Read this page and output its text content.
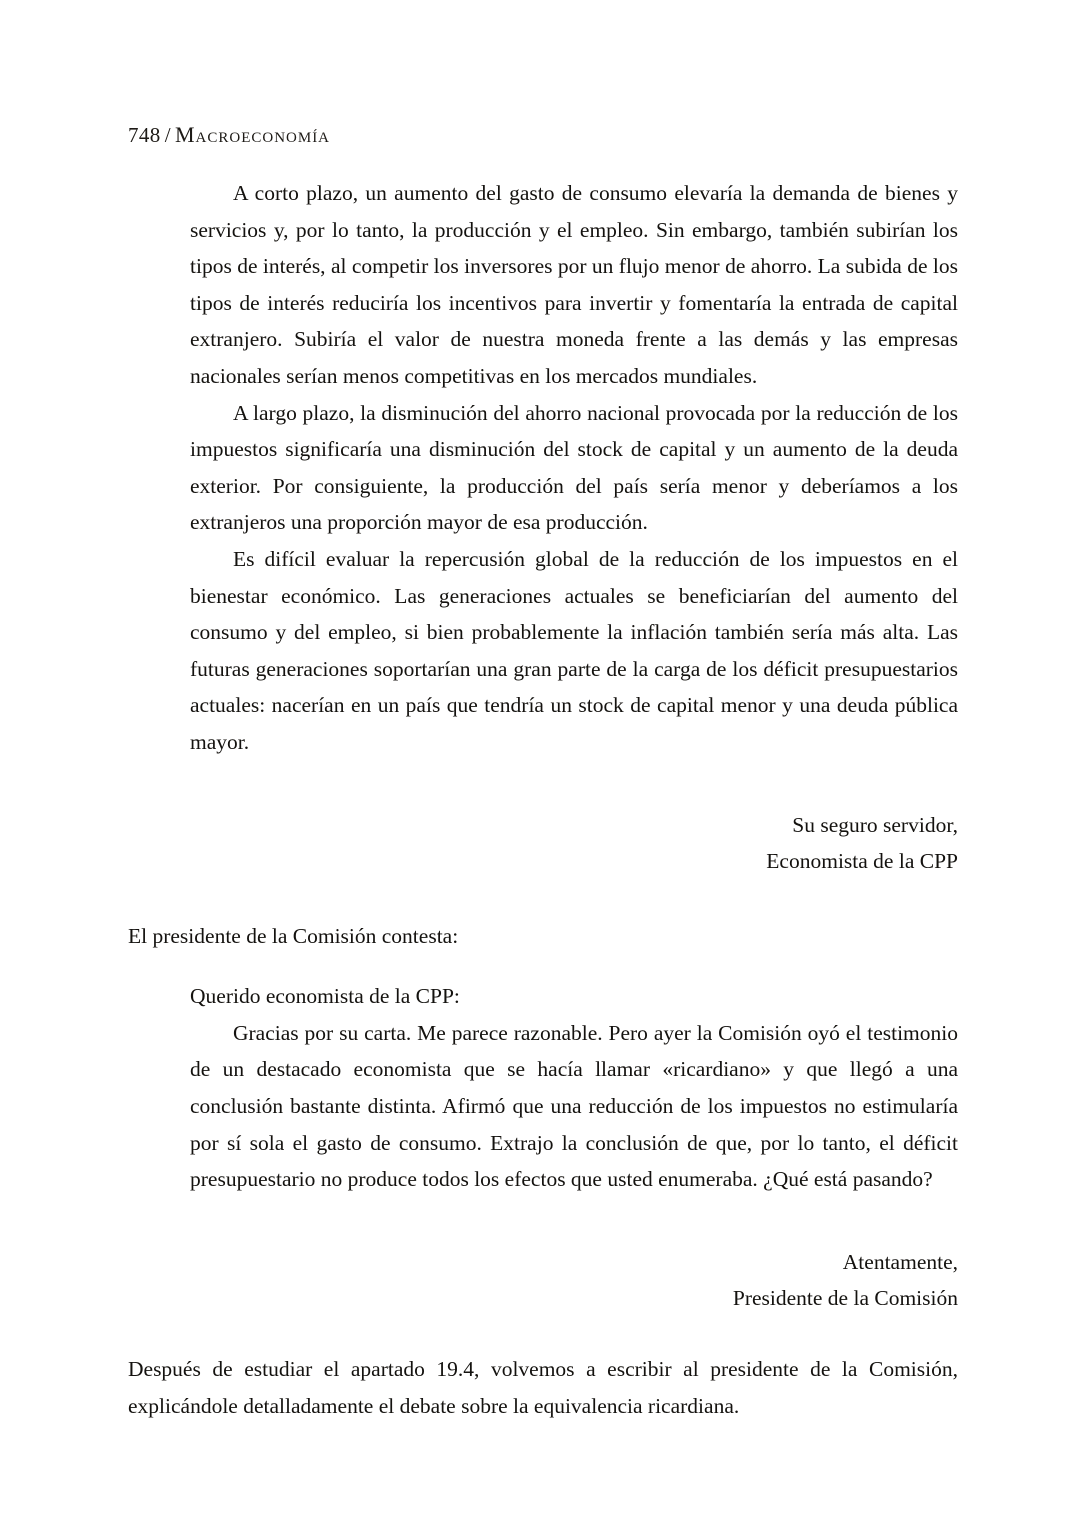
748 / Macroeconomía

A corto plazo, un aumento del gasto de consumo elevaría la demanda de bienes y servicios y, por lo tanto, la producción y el empleo. Sin embargo, también subirían los tipos de interés, al competir los inversores por un flujo menor de ahorro. La subida de los tipos de interés reduciría los incentivos para invertir y fomentaría la entrada de capital extranjero. Subiría el valor de nuestra moneda frente a las demás y las empresas nacionales serían menos competitivas en los mercados mundiales.

A largo plazo, la disminución del ahorro nacional provocada por la reducción de los impuestos significaría una disminución del stock de capital y un aumento de la deuda exterior. Por consiguiente, la producción del país sería menor y deberíamos a los extranjeros una proporción mayor de esa producción.

Es difícil evaluar la repercusión global de la reducción de los impuestos en el bienestar económico. Las generaciones actuales se beneficiarían del aumento del consumo y del empleo, si bien probablemente la inflación también sería más alta. Las futuras generaciones soportarían una gran parte de la carga de los déficit presupuestarios actuales: nacerían en un país que tendría un stock de capital menor y una deuda pública mayor.

Su seguro servidor,

Economista de la CPP

El presidente de la Comisión contesta:

Querido economista de la CPP:

Gracias por su carta. Me parece razonable. Pero ayer la Comisión oyó el testimonio de un destacado economista que se hacía llamar «ricardiano» y que llegó a una conclusión bastante distinta. Afirmó que una reducción de los impuestos no estimularía por sí sola el gasto de consumo. Extrajo la conclusión de que, por lo tanto, el déficit presupuestario no produce todos los efectos que usted enumeraba. ¿Qué está pasando?

Atentamente,

Presidente de la Comisión

Después de estudiar el apartado 19.4, volvemos a escribir al presidente de la Comisión, explicándole detalladamente el debate sobre la equivalencia ricardiana.
